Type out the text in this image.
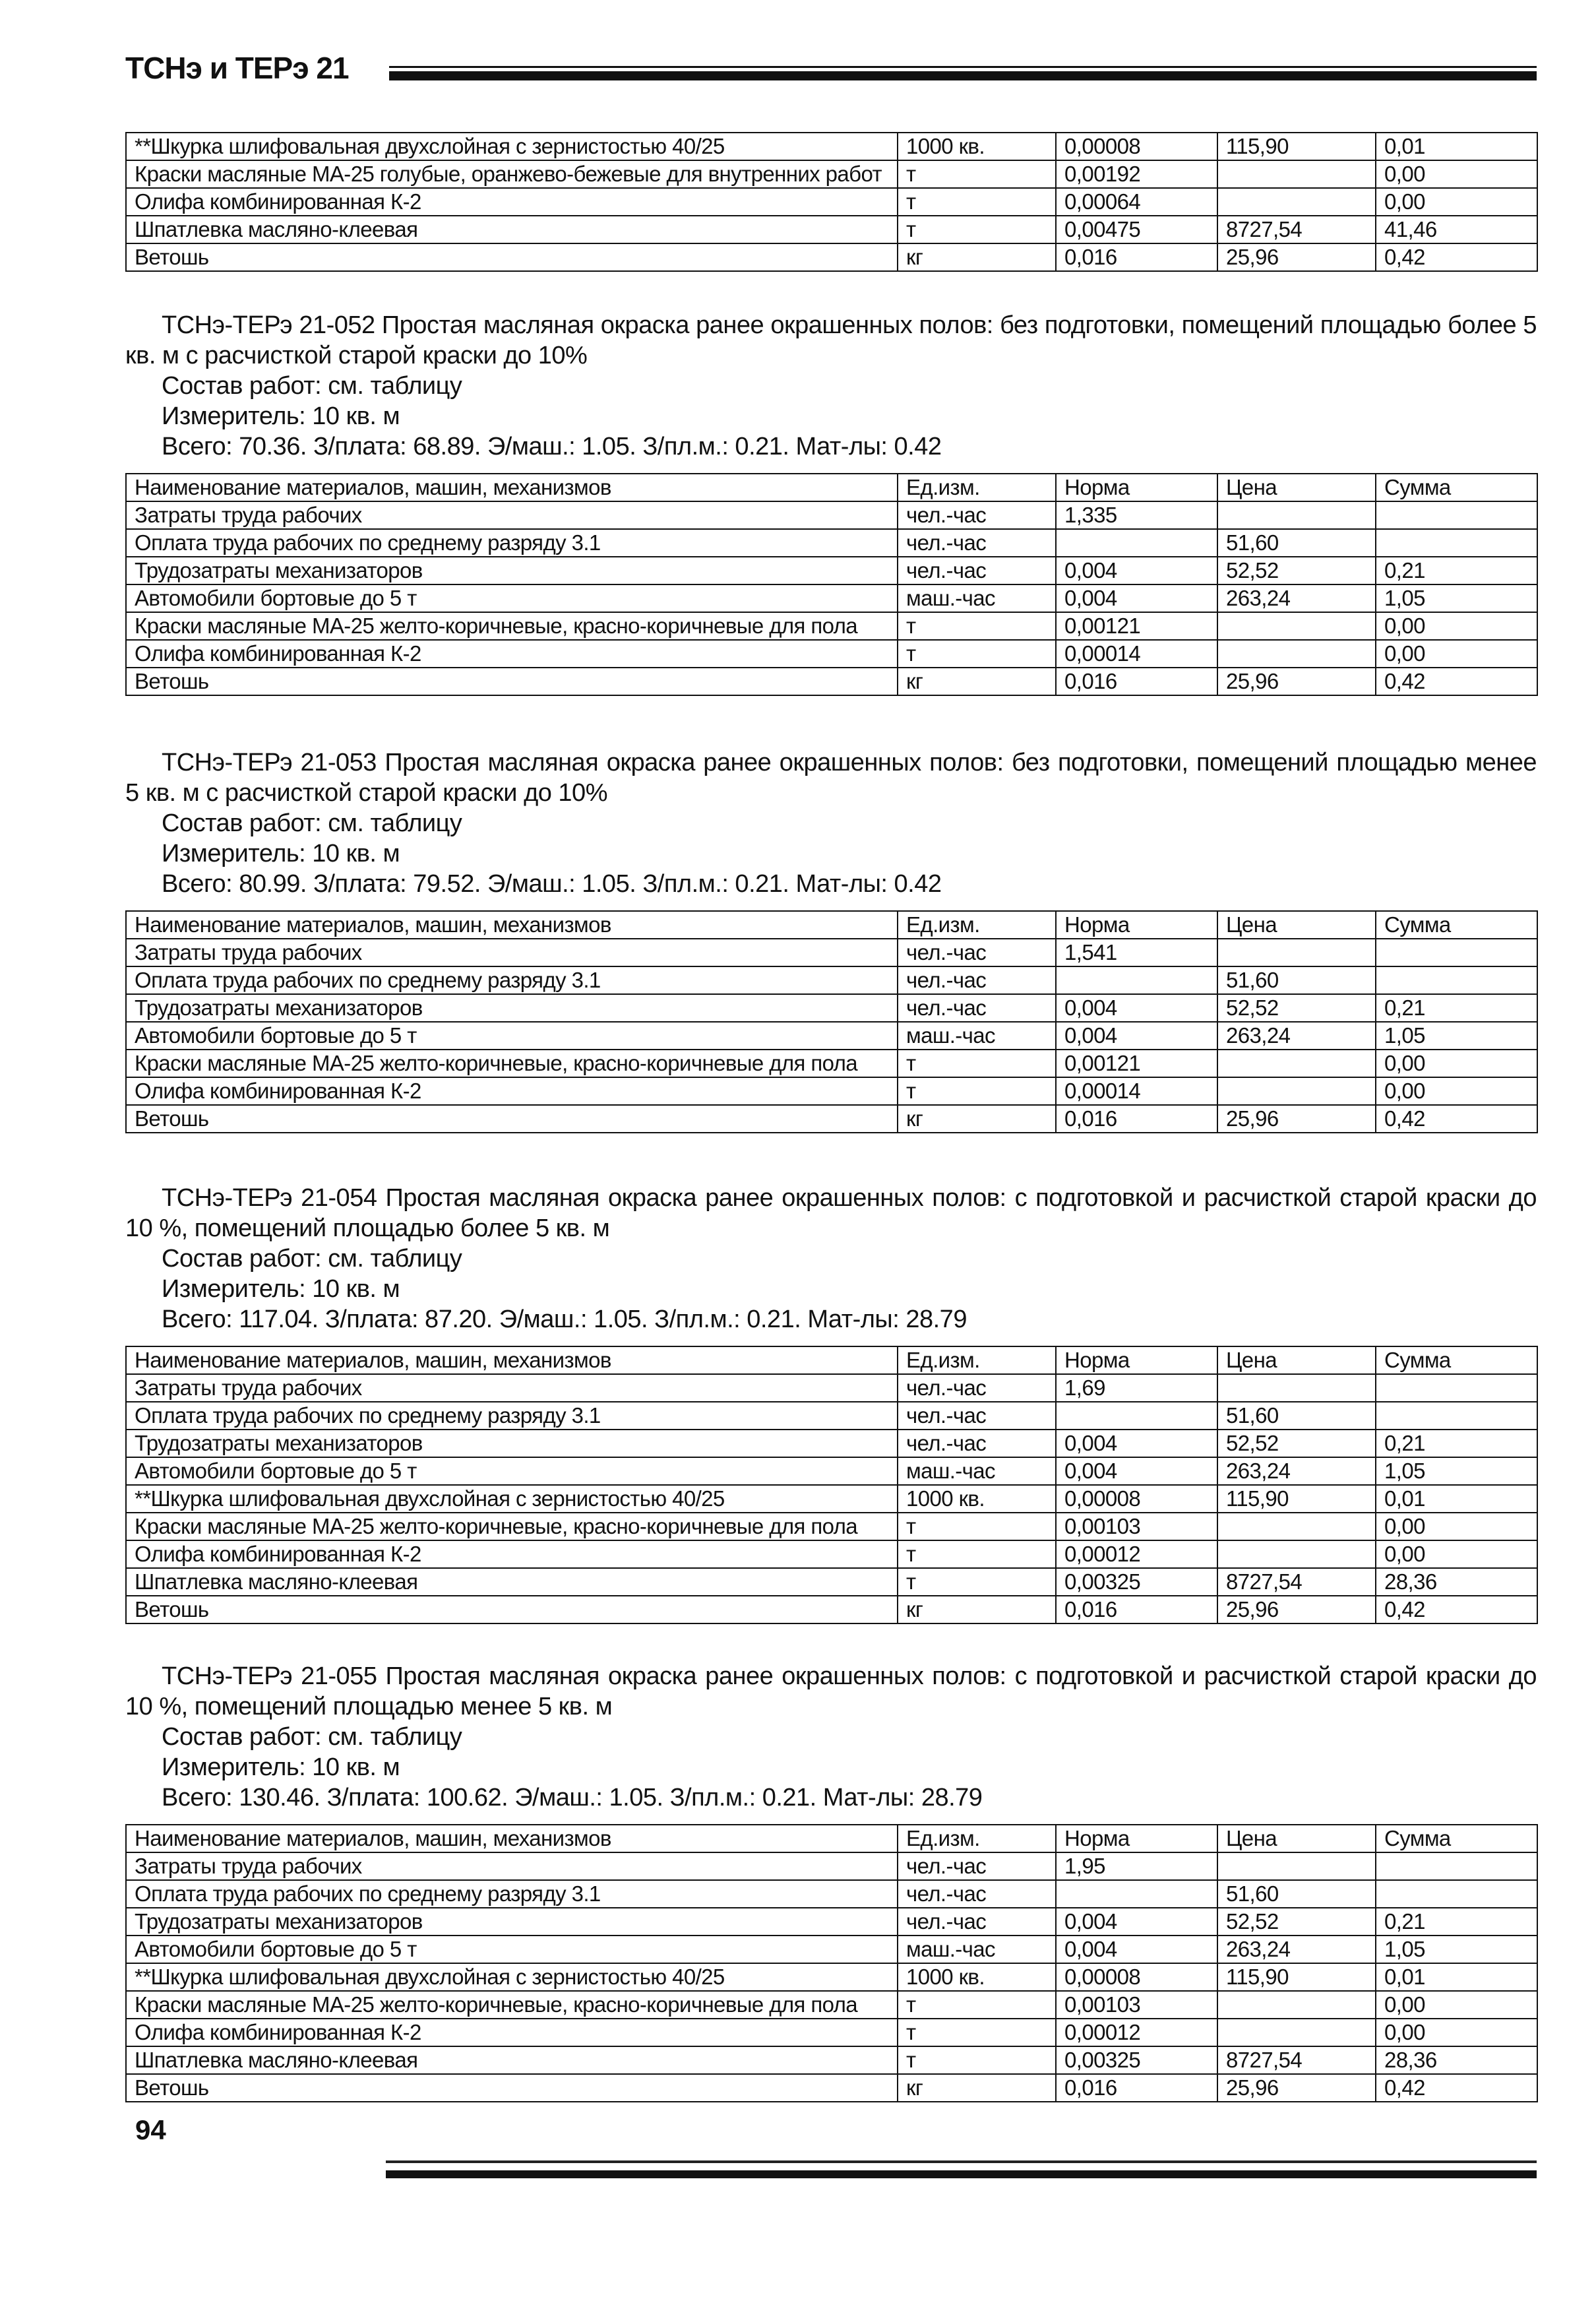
ТСНэ и ТЕРэ 21
**Шкурка шлифовальная двухслойная с зернистостью 40/25	1000 кв.	0,00008	115,90	0,01
Краски масляные МА-25 голубые, оранжево-бежевые для внутренних работ	т	0,00192		0,00
Олифа комбинированная К-2	т	0,00064		0,00
Шпатлевка масляно-клеевая	т	0,00475	8727,54	41,46
Ветошь	кг	0,016	25,96	0,42
ТСНэ-ТЕРэ 21-052 Простая масляная окраска ранее окрашенных полов: без подготовки, помещений площадью более 5 кв. м с расчисткой старой краски до 10%
Состав работ: см. таблицу
Измеритель: 10 кв. м
Всего: 70.36. З/плата: 68.89. Э/маш.: 1.05. З/пл.м.: 0.21. Мат-лы: 0.42
Наименование материалов, машин, механизмов	Ед.изм.	Норма	Цена	Сумма
Затраты труда рабочих	чел.-час	1,335		
Оплата труда рабочих по среднему разряду 3.1	чел.-час		51,60	
Трудозатраты механизаторов	чел.-час	0,004	52,52	0,21
Автомобили бортовые до 5 т	маш.-час	0,004	263,24	1,05
Краски масляные МА-25 желто-коричневые, красно-коричневые для пола	т	0,00121		0,00
Олифа комбинированная К-2	т	0,00014		0,00
Ветошь	кг	0,016	25,96	0,42
ТСНэ-ТЕРэ 21-053 Простая масляная окраска ранее окрашенных полов: без подготовки, помещений площадью менее 5 кв. м с расчисткой старой краски до 10%
Состав работ: см. таблицу
Измеритель: 10 кв. м
Всего: 80.99. З/плата: 79.52. Э/маш.: 1.05. З/пл.м.: 0.21. Мат-лы: 0.42
Наименование материалов, машин, механизмов	Ед.изм.	Норма	Цена	Сумма
Затраты труда рабочих	чел.-час	1,541		
Оплата труда рабочих по среднему разряду 3.1	чел.-час		51,60	
Трудозатраты механизаторов	чел.-час	0,004	52,52	0,21
Автомобили бортовые до 5 т	маш.-час	0,004	263,24	1,05
Краски масляные МА-25 желто-коричневые, красно-коричневые для пола	т	0,00121		0,00
Олифа комбинированная К-2	т	0,00014		0,00
Ветошь	кг	0,016	25,96	0,42
ТСНэ-ТЕРэ 21-054 Простая масляная окраска ранее окрашенных полов: с подготовкой и расчисткой старой краски до 10 %, помещений площадью более 5 кв. м
Состав работ: см. таблицу
Измеритель: 10 кв. м
Всего: 117.04. З/плата: 87.20. Э/маш.: 1.05. З/пл.м.: 0.21. Мат-лы: 28.79
Наименование материалов, машин, механизмов	Ед.изм.	Норма	Цена	Сумма
Затраты труда рабочих	чел.-час	1,69		
Оплата труда рабочих по среднему разряду 3.1	чел.-час		51,60	
Трудозатраты механизаторов	чел.-час	0,004	52,52	0,21
Автомобили бортовые до 5 т	маш.-час	0,004	263,24	1,05
**Шкурка шлифовальная двухслойная с зернистостью 40/25	1000 кв.	0,00008	115,90	0,01
Краски масляные МА-25 желто-коричневые, красно-коричневые для пола	т	0,00103		0,00
Олифа комбинированная К-2	т	0,00012		0,00
Шпатлевка масляно-клеевая	т	0,00325	8727,54	28,36
Ветошь	кг	0,016	25,96	0,42
ТСНэ-ТЕРэ 21-055 Простая масляная окраска ранее окрашенных полов: с подготовкой и расчисткой старой краски до 10 %, помещений площадью менее 5 кв. м
Состав работ: см. таблицу
Измеритель: 10 кв. м
Всего: 130.46. З/плата: 100.62. Э/маш.: 1.05. З/пл.м.: 0.21. Мат-лы: 28.79
Наименование материалов, машин, механизмов	Ед.изм.	Норма	Цена	Сумма
Затраты труда рабочих	чел.-час	1,95		
Оплата труда рабочих по среднему разряду 3.1	чел.-час		51,60	
Трудозатраты механизаторов	чел.-час	0,004	52,52	0,21
Автомобили бортовые до 5 т	маш.-час	0,004	263,24	1,05
**Шкурка шлифовальная двухслойная с зернистостью 40/25	1000 кв.	0,00008	115,90	0,01
Краски масляные МА-25 желто-коричневые, красно-коричневые для пола	т	0,00103		0,00
Олифа комбинированная К-2	т	0,00012		0,00
Шпатлевка масляно-клеевая	т	0,00325	8727,54	28,36
Ветошь	кг	0,016	25,96	0,42
94
